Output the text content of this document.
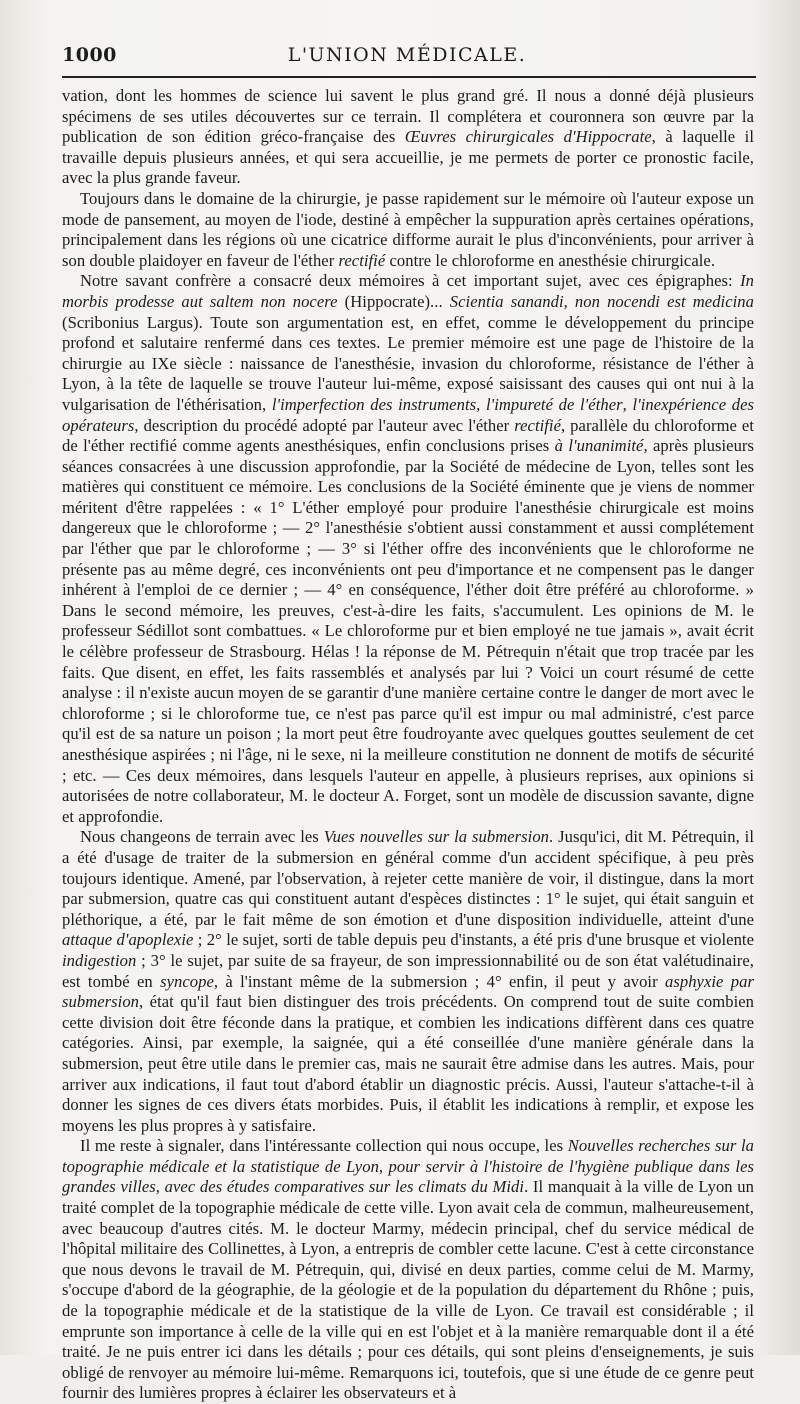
1000	L'UNION MÉDICALE.

vation, dont les hommes de science lui savent le plus grand gré. Il nous a donné déjà plusieurs spécimens de ses utiles découvertes sur ce terrain. Il complétera et couronnera son œuvre par la publication de son édition gréco-française des Œuvres chirurgicales d'Hippocrate, à laquelle il travaille depuis plusieurs années, et qui sera accueillie, je me permets de porter ce pronostic facile, avec la plus grande faveur.

Toujours dans le domaine de la chirurgie, je passe rapidement sur le mémoire où l'auteur expose un mode de pansement, au moyen de l'iode, destiné à empêcher la suppuration après certaines opérations, principalement dans les régions où une cicatrice difforme aurait le plus d'inconvénients, pour arriver à son double plaidoyer en faveur de l'éther rectifié contre le chloroforme en anesthésie chirurgicale.

Notre savant confrère a consacré deux mémoires à cet important sujet, avec ces épigraphes: In morbis prodesse aut saltem non nocere (Hippocrate)... Scientia sanandi, non nocendi est medicina (Scribonius Largus). Toute son argumentation est, en effet, comme le développement du principe profond et salutaire renfermé dans ces textes. Le premier mémoire est une page de l'histoire de la chirurgie au IXe siècle : naissance de l'anesthésie, invasion du chloroforme, résistance de l'éther à Lyon, à la tête de laquelle se trouve l'auteur lui-même, exposé saisissant des causes qui ont nui à la vulgarisation de l'éthérisation, l'imperfection des instruments, l'impureté de l'éther, l'inexpérience des opérateurs, description du procédé adopté par l'auteur avec l'éther rectifié, parallèle du chloroforme et de l'éther rectifié comme agents anesthésiques, enfin conclusions prises à l'unanimité, après plusieurs séances consacrées à une discussion approfondie, par la Société de médecine de Lyon, telles sont les matières qui constituent ce mémoire. Les conclusions de la Société éminente que je viens de nommer méritent d'être rappelées : « 1° L'éther employé pour produire l'anesthésie chirurgicale est moins dangereux que le chloroforme ; — 2° l'anesthésie s'obtient aussi constamment et aussi complétement par l'éther que par le chloroforme ; — 3° si l'éther offre des inconvénients que le chloroforme ne présente pas au même degré, ces inconvénients ont peu d'importance et ne compensent pas le danger inhérent à l'emploi de ce dernier ; — 4° en conséquence, l'éther doit être préféré au chloroforme. » Dans le second mémoire, les preuves, c'est-à-dire les faits, s'accumulent. Les opinions de M. le professeur Sédillot sont combattues. « Le chloroforme pur et bien employé ne tue jamais », avait écrit le célèbre professeur de Strasbourg. Hélas ! la réponse de M. Pétrequin n'était que trop tracée par les faits. Que disent, en effet, les faits rassemblés et analysés par lui ? Voici un court résumé de cette analyse : il n'existe aucun moyen de se garantir d'une manière certaine contre le danger de mort avec le chloroforme ; si le chloroforme tue, ce n'est pas parce qu'il est impur ou mal administré, c'est parce qu'il est de sa nature un poison ; la mort peut être foudroyante avec quelques gouttes seulement de cet anesthésique aspirées ; ni l'âge, ni le sexe, ni la meilleure constitution ne donnent de motifs de sécurité ; etc. — Ces deux mémoires, dans lesquels l'auteur en appelle, à plusieurs reprises, aux opinions si autorisées de notre collaborateur, M. le docteur A. Forget, sont un modèle de discussion savante, digne et approfondie.

Nous changeons de terrain avec les Vues nouvelles sur la submersion. Jusqu'ici, dit M. Pétrequin, il a été d'usage de traiter de la submersion en général comme d'un accident spécifique, à peu près toujours identique. Amené, par l'observation, à rejeter cette manière de voir, il distingue, dans la mort par submersion, quatre cas qui constituent autant d'espèces distinctes : 1° le sujet, qui était sanguin et pléthorique, a été, par le fait même de son émotion et d'une disposition individuelle, atteint d'une attaque d'apoplexie ; 2° le sujet, sorti de table depuis peu d'instants, a été pris d'une brusque et violente indigestion ; 3° le sujet, par suite de sa frayeur, de son impressionnabilité ou de son état valétudinaire, est tombé en syncope, à l'instant même de la submersion ; 4° enfin, il peut y avoir asphyxie par submersion, état qu'il faut bien distinguer des trois précédents. On comprend tout de suite combien cette division doit être féconde dans la pratique, et combien les indications diffèrent dans ces quatre catégories. Ainsi, par exemple, la saignée, qui a été conseillée d'une manière générale dans la submersion, peut être utile dans le premier cas, mais ne saurait être admise dans les autres. Mais, pour arriver aux indications, il faut tout d'abord établir un diagnostic précis. Aussi, l'auteur s'attache-t-il à donner les signes de ces divers états morbides. Puis, il établit les indications à remplir, et expose les moyens les plus propres à y satisfaire.

Il me reste à signaler, dans l'intéressante collection qui nous occupe, les Nouvelles recherches sur la topographie médicale et la statistique de Lyon, pour servir à l'histoire de l'hygiène publique dans les grandes villes, avec des études comparatives sur les climats du Midi. Il manquait à la ville de Lyon un traité complet de la topographie médicale de cette ville. Lyon avait cela de commun, malheureusement, avec beaucoup d'autres cités. M. le docteur Marmy, médecin principal, chef du service médical de l'hôpital militaire des Collinettes, à Lyon, a entrepris de combler cette lacune. C'est à cette circonstance que nous devons le travail de M. Pétrequin, qui, divisé en deux parties, comme celui de M. Marmy, s'occupe d'abord de la géographie, de la géologie et de la population du département du Rhône ; puis, de la topographie médicale et de la statistique de la ville de Lyon. Ce travail est considérable ; il emprunte son importance à celle de la ville qui en est l'objet et à la manière remarquable dont il a été traité. Je ne puis entrer ici dans les détails ; pour ces détails, qui sont pleins d'enseignements, je suis obligé de renvoyer au mémoire lui-même. Remarquons ici, toutefois, que si une étude de ce genre peut fournir des lumières propres à éclairer les observateurs et à
